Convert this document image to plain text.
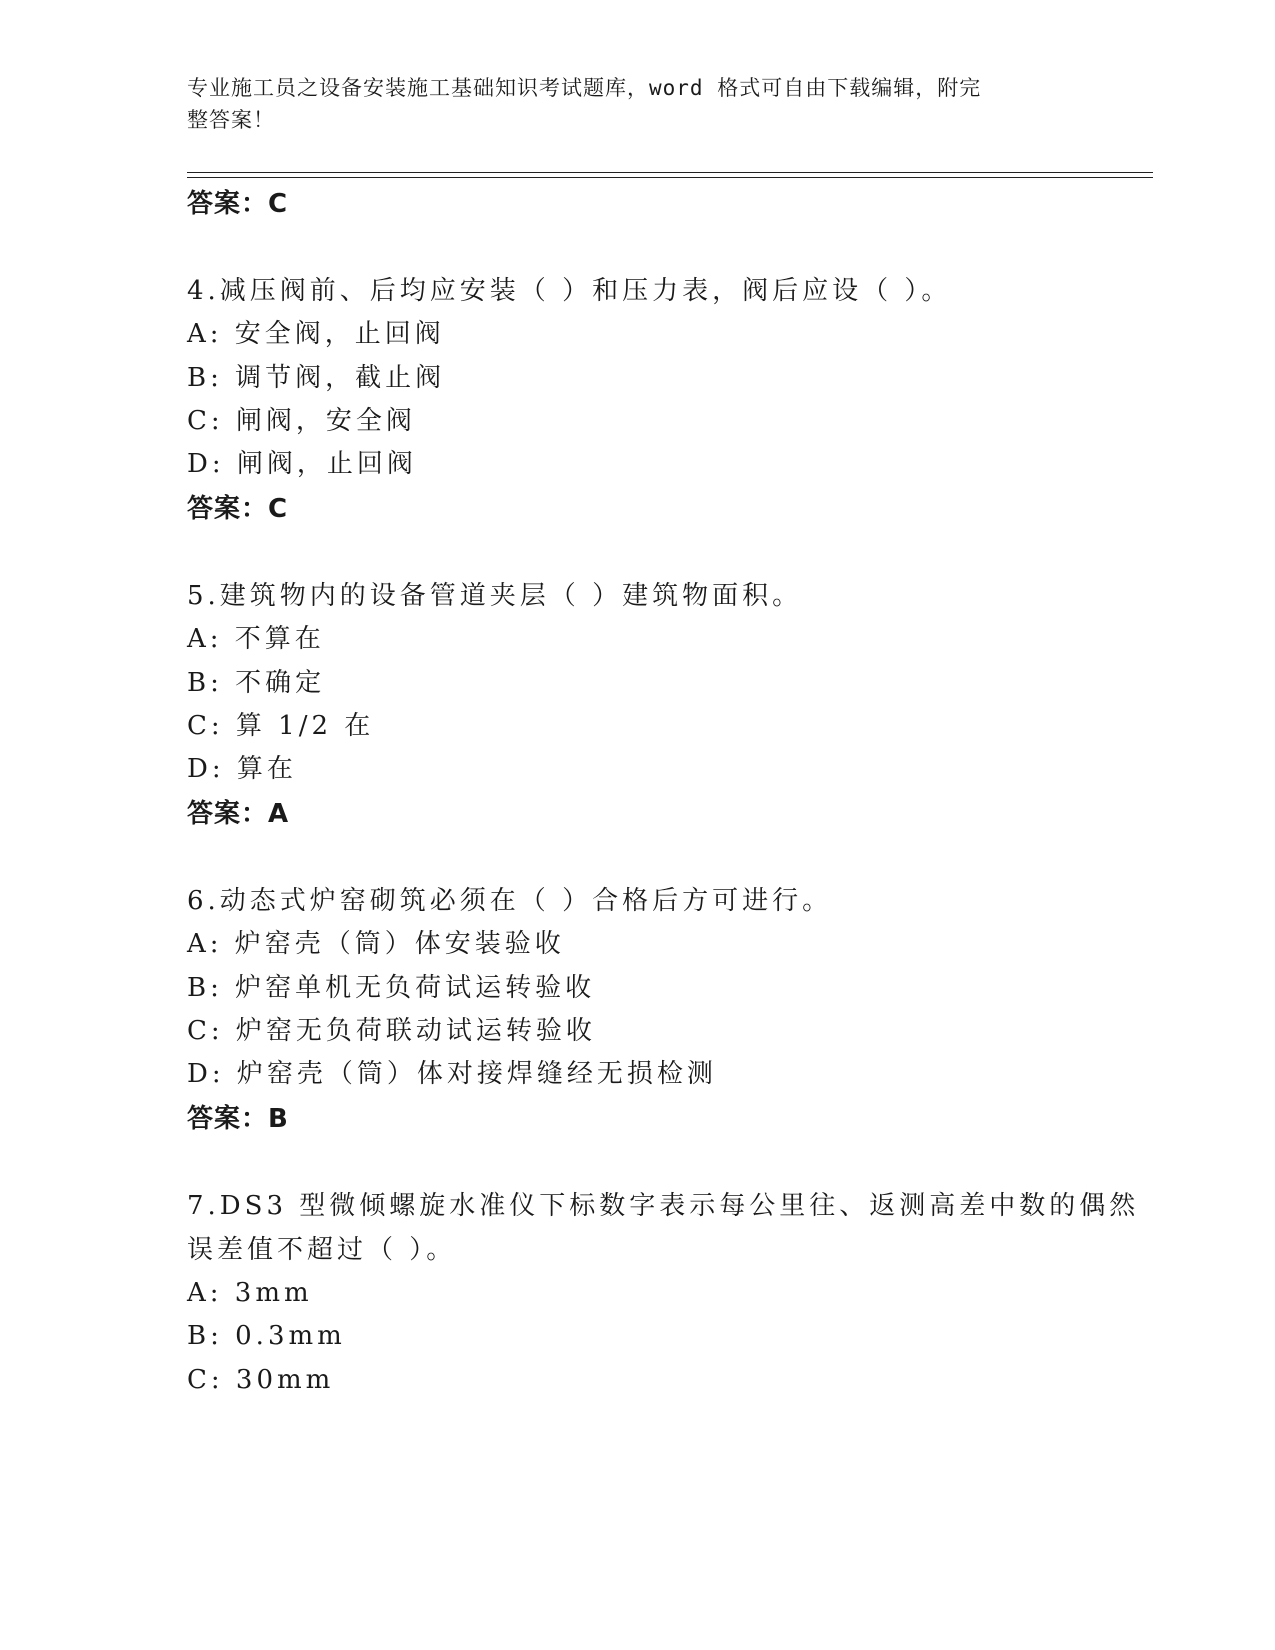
专业施工员之设备安装施工基础知识考试题库，word 格式可自由下载编辑，附完
整答案！
答案：C
4.减压阀前、后均应安装（ ）和压力表，阀后应设（ ）。
A: 安全阀，止回阀
B: 调节阀，截止阀
C: 闸阀，安全阀
D: 闸阀，止回阀
答案：C
5.建筑物内的设备管道夹层（ ）建筑物面积。
A: 不算在
B: 不确定
C: 算 1/2 在
D: 算在
答案：A
6.动态式炉窑砌筑必须在（ ）合格后方可进行。
A: 炉窑壳（筒）体安装验收
B: 炉窑单机无负荷试运转验收
C: 炉窑无负荷联动试运转验收
D: 炉窑壳（筒）体对接焊缝经无损检测
答案：B
7.DS3 型微倾螺旋水准仪下标数字表示每公里往、返测高差中数的偶然
误差值不超过（ ）。
A: 3mm
B: 0.3mm
C: 30mm
